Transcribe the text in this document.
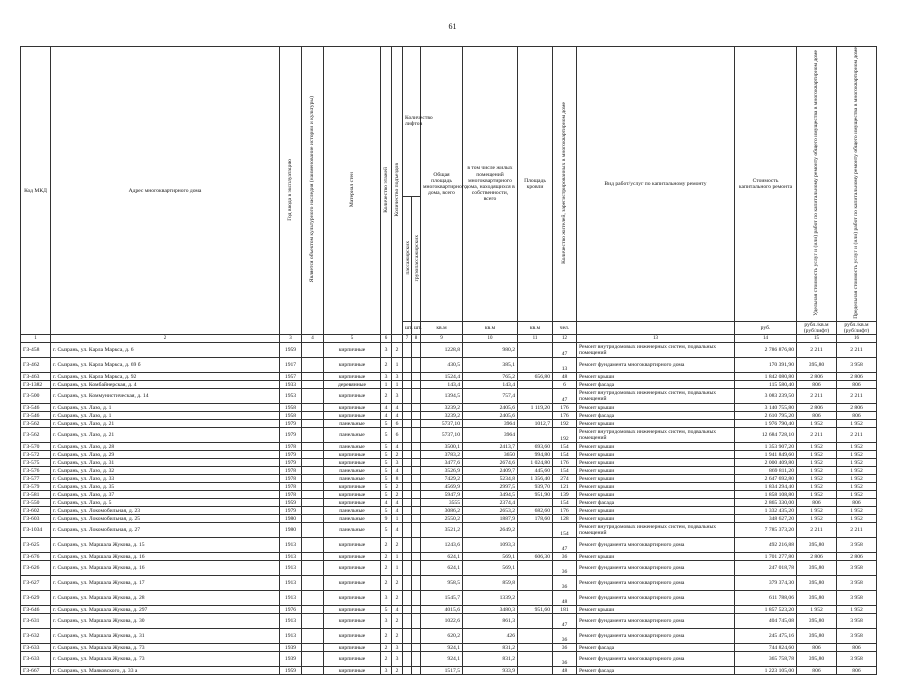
61
Код МКД	Адрес многоквартирного дома	Год ввода в эксплуатацию	Является объектом культурного наследия (наименование истории и культуры)	Материал стен	Количество этажей	Количество подъездов	Количество лифтов		Общая площадь многоквартирного дома, всего	в том числе жилых помещений многоквартирного дома, находящихся в собственности, всего	Площадь кровли	Количество жителей, зарегистрированных в многоквартирном доме	Вид работ/услуг по капитальному ремонту	Стоимость капитального ремонта	Удельная стоимость услуг и (или) работ по капитальному ремонту общего имущества в многоквартирном доме	Предельная стоимость услуг и (или) работ по капитальному ремонту общего имущества в многоквартирном доме

							пассажирских	грузопассажирских								
							шт.	шт.	кв.м	кв.м	кв.м	чел.		руб.	рубл./кв.м (руб/лифт)	рубл./кв.м (руб/лифт)
1	2	3	4	5	6		7	8	9	10	11	12	13	14	15	16
ГЗ-458	г. Сызрань, ул. Карла Маркса, д. 6	1959		кирпичные	3	2			1228,8	980,2		47	Ремонт внутридомовых инженерных систем, подвальных помещений	2 786 876,80	2 211	2 211
ГЗ-462	г. Сызрань, ул. Карла Маркса, д. 69 б	1917		кирпичные	2	1			430,5	385,1		13	Ремонт фундамента многоквартирного дома	170 391,90	395,80	3 958
ГЗ-463	г. Сызрань, ул. Карла Маркса, д. 92	1957		кирпичные	3	3			1524,4	765,2	656,80	48	Ремонт крыши	1 842 080,80	2 806	2 806
ГЗ-1382	г. Сызрань, ул. Комбайнерская, д. 4	1933		деревянные	1	1			143,4	143,4		6	Ремонт фасада	115 580,40	806	806
ГЗ-500	г. Сызрань, ул. Коммунистическая, д. 14	1953		кирпичные	2	3			1394,5	757,4		47	Ремонт внутридомовых инженерных систем, подвальных помещений	3 083 239,50	2 211	2 211
ГЗ-546	г. Сызрань, ул. Лазо, д. 1	1958		кирпичные	4	4			3239,2	2405,6	1 119,20	176	Ремонт крыши	3 140 755,80	2 806	2 806
ГЗ-546	г. Сызрань, ул. Лазо, д. 1	1958		кирпичные	4	4			3239,2	2405,6		176	Ремонт фасада	2 610 795,20	806	806
ГЗ-562	г. Сызрань, ул. Лазо, д. 21	1979		панельные	5	6			5737,10	3964	1012,7	192	Ремонт крыши	1 976 790,40	1 952	1 952
ГЗ-562	г. Сызрань, ул. Лазо, д. 21	1979		панельные	5	6			5737,10	3964		192	Ремонт внутридомовых инженерных систем, подвальных помещений	12 684 728,10	2 211	2 211
ГЗ-570	г. Сызрань, ул. Лазо, д. 28	1978		панельные	5	4			3500,1	2413,7	693,60	154	Ремонт крыши	1 353 907,20	1 952	1 952
ГЗ-572	г. Сызрань, ул. Лазо, д. 29	1979		кирпичные	5	2			3783,2	3650	994,80	154	Ремонт крыши	1 941 849,60	1 952	1 952
ГЗ-575	г. Сызрань, ул. Лазо, д. 31	1979		кирпичные	5	3			3477,6	2674,6	1 024,80	176	Ремонт крыши	2 000 409,80	1 952	1 952
ГЗ-576	г. Сызрань, ул. Лазо, д. 32	1978		панельные	5	4			3526,9	2409,7	445,60	154	Ремонт крыши	869 811,20	1 952	1 952
ГЗ-577	г. Сызрань, ул. Лазо, д. 33	1978		панельные	5	8			7429,2	5234,8	1 356,40	274	Ремонт крыши	2 647 692,80	1 952	1 952
ГЗ-579	г. Сызрань, ул. Лазо, д. 35	1978		кирпичные	5	2			4569,9	2997,5	939,70	121	Ремонт крыши	1 834 294,40	1 952	1 952
ГЗ-581	г. Сызрань, ул. Лазо, д. 37	1978		кирпичные	5	2			5947,9	3494,5	951,90	139	Ремонт крыши	1 858 108,80	1 952	1 952
ГЗ-550	г. Сызрань, ул. Лазо, д. 5	1959		кирпичные	4	4			3555	2374,4		154	Ремонт фасада	2 865 330,00	806	806
ГЗ-602	г. Сызрань, ул. Локомобильная, д. 23	1979		панельные	5	4			3086,2	2653,2	682,60	176	Ремонт крыши	1 332 435,20	1 952	1 952
ГЗ-603	г. Сызрань, ул. Локомобильная, д. 25	1980		панельные	9	1			2550,2	1887,9	178,60	128	Ремонт крыши	348 627,20	1 952	1 952
ГЗ-1034	г. Сызрань, ул. Локомобильная, д. 27	1980		панельные	5	4			3521,2	2649,2		154	Ремонт внутридомовых инженерных систем, подвальных помещений	7 785 373,20	2 211	2 211
ГЗ-625	г. Сызрань, ул. Маршала Жукова, д. 15	1913		кирпичные	2	2			1243,6	1093,3		47	Ремонт фундамента многоквартирного дома	492 216,88	395,80	3 958
ГЗ-676	г. Сызрань, ул. Маршала Жукова, д. 16	1913		кирпичные	2	1			624,1	569,1	606,30	36	Ремонт крыши	1 701 277,80	2 806	2 806
ГЗ-626	г. Сызрань, ул. Маршала Жукова, д. 16	1913		кирпичные	2	1			624,1	569,1		36	Ремонт фундамента многоквартирного дома	247 018,78	395,80	3 958
ГЗ-627	г. Сызрань, ул. Маршала Жукова, д. 17	1913		кирпичные	2	2			958,5	859,8		36	Ремонт фундамента многоквартирного дома	379 374,30	395,80	3 958
ГЗ-629	г. Сызрань, ул. Маршала Жукова, д. 28	1913		кирпичные	3	2			1545,7	1339,2		48	Ремонт фундамента многоквартирного дома	611 788,06	395,80	3 958
ГЗ-646	г. Сызрань, ул. Маршала Жукова, д. 297	1976		кирпичные	5	4			4015,6	3480,3	951,60	181	Ремонт крыши	1 857 523,20	1 952	1 952
ГЗ-631	г. Сызрань, ул. Маршала Жукова, д. 30	1913		кирпичные	3	2			1022,6	861,3		47	Ремонт фундамента многоквартирного дома	404 745,08	395,80	3 958
ГЗ-632	г. Сызрань, ул. Маршала Жукова, д. 31	1913		кирпичные	2	2			620,2	426		36	Ремонт фундамента многоквартирного дома	245 475,16	395,80	3 958
ГЗ-633	г. Сызрань, ул. Маршала Жукова, д. 73	1939		кирпичные	2	3			924,1	831,2		36	Ремонт фасада	744 824,60	806	806
ГЗ-633	г. Сызрань, ул. Маршала Жукова, д. 73	1939		кирпичные	2	3			924,1	831,2		36	Ремонт фундамента многоквартирного дома	365 758,78	395,80	3 958
ГЗ-667	г. Сызрань, ул. Маяковского, д. 33 а	1959		кирпичные	3	2			1517,5	933,9		48	Ремонт фасада	1 223 105,00	806	806
